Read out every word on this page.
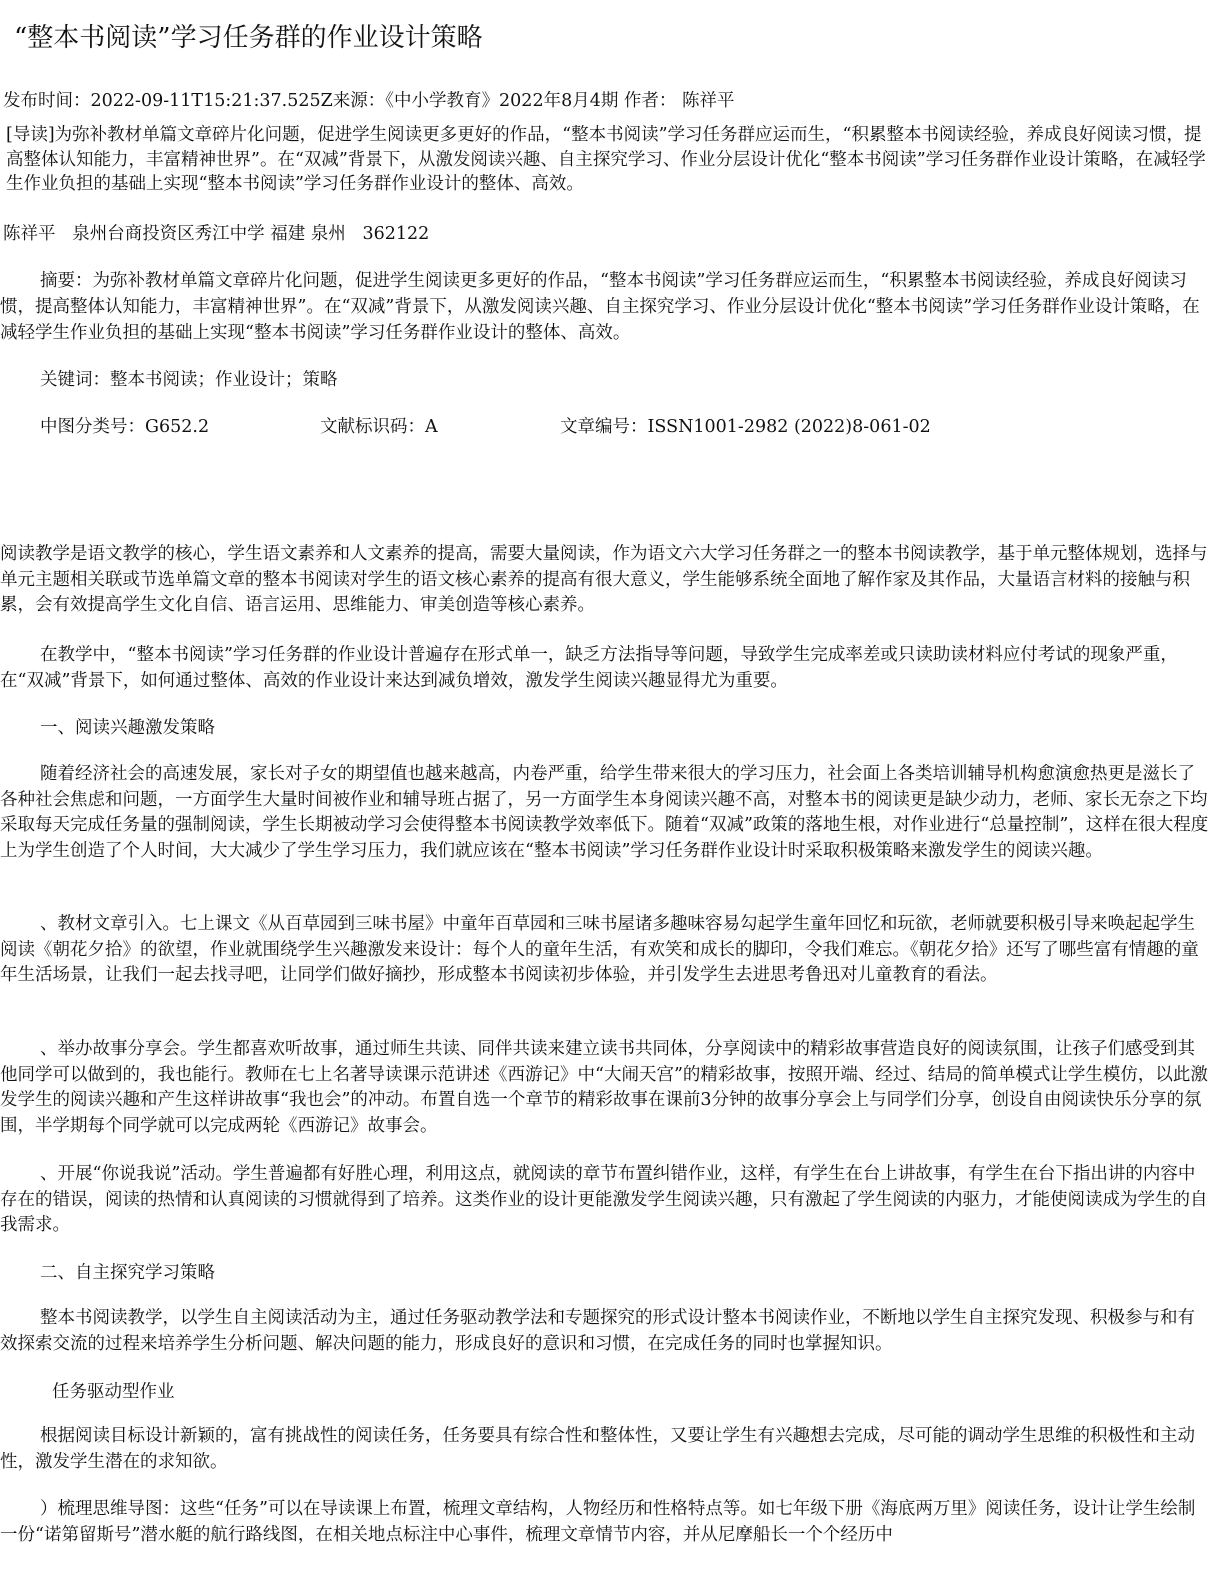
“整本书阅读”学习任务群的作业设计策略
发布时间：2022-09-11T15:21:37.525Z来源：《中小学教育》2022年8月4期 作者： 陈祥平
[导读]为弥补教材单篇文章碎片化问题，促进学生阅读更多更好的作品，“整本书阅读”学习任务群应运而生，“积累整本书阅读经验，养成良好阅读习惯，提高整体认知能力，丰富精神世界”。在“双减”背景下，从激发阅读兴趣、自主探究学习、作业分层设计优化“整本书阅读”学习任务群作业设计策略，在减轻学生作业负担的基础上实现“整本书阅读”学习任务群作业设计的整体、高效。
陈祥平   泉州台商投资区秀江中学 福建 泉州   362122
摘要：为弥补教材单篇文章碎片化问题，促进学生阅读更多更好的作品，“整本书阅读”学习任务群应运而生，“积累整本书阅读经验，养成良好阅读习惯，提高整体认知能力，丰富精神世界”。在“双减”背景下，从激发阅读兴趣、自主探究学习、作业分层设计优化“整本书阅读”学习任务群作业设计策略，在减轻学生作业负担的基础上实现“整本书阅读”学习任务群作业设计的整体、高效。
关键词：整本书阅读；作业设计；策略
中图分类号：G652.2	文献标识码：A	文章编号：ISSN1001-2982 (2022)8-061-02

阅读教学是语文教学的核心，学生语文素养和人文素养的提高，需要大量阅读，作为语文六大学习任务群之一的整本书阅读教学，基于单元整体规划，选择与单元主题相关联或节选单篇文章的整本书阅读对学生的语文核心素养的提高有很大意义，学生能够系统全面地了解作家及其作品，大量语言材料的接触与积累，会有效提高学生文化自信、语言运用、思维能力、审美创造等核心素养。

在教学中，“整本书阅读”学习任务群的作业设计普遍存在形式单一，缺乏方法指导等问题，导致学生完成率差或只读助读材料应付考试的现象严重，在“双减”背景下，如何通过整体、高效的作业设计来达到减负增效，激发学生阅读兴趣显得尤为重要。

一、阅读兴趣激发策略

随着经济社会的高速发展，家长对子女的期望值也越来越高，内卷严重，给学生带来很大的学习压力，社会面上各类培训辅导机构愈演愈热更是滋长了各种社会焦虑和问题，一方面学生大量时间被作业和辅导班占据了，另一方面学生本身阅读兴趣不高，对整本书的阅读更是缺少动力，老师、家长无奈之下均采取每天完成任务量的强制阅读，学生长期被动学习会使得整本书阅读教学效率低下。随着“双减”政策的落地生根，对作业进行“总量控制”，这样在很大程度上为学生创造了个人时间，大大减少了学生学习压力，我们就应该在“整本书阅读”学习任务群作业设计时采取积极策略来激发学生的阅读兴趣。

、教材文章引入。七上课文《从百草园到三味书屋》中童年百草园和三味书屋诸多趣味容易勾起学生童年回忆和玩欲，老师就要积极引导来唤起起学生阅读《朝花夕拾》的欲望，作业就围绕学生兴趣激发来设计：每个人的童年生活，有欢笑和成长的脚印，令我们难忘。《朝花夕拾》还写了哪些富有情趣的童年生活场景，让我们一起去找寻吧，让同学们做好摘抄，形成整本书阅读初步体验，并引发学生去进思考鲁迅对儿童教育的看法。

、举办故事分享会。学生都喜欢听故事，通过师生共读、同伴共读来建立读书共同体，分享阅读中的精彩故事营造良好的阅读氛围，让孩子们感受到其他同学可以做到的，我也能行。教师在七上名著导读课示范讲述《西游记》中“大闹天宫”的精彩故事，按照开端、经过、结局的简单模式让学生模仿，以此激发学生的阅读兴趣和产生这样讲故事“我也会”的冲动。布置自选一个章节的精彩故事在课前3分钟的故事分享会上与同学们分享，创设自由阅读快乐分享的氛围，半学期每个同学就可以完成两轮《西游记》故事会。

、开展“你说我说”活动。学生普遍都有好胜心理，利用这点，就阅读的章节布置纠错作业，这样，有学生在台上讲故事，有学生在台下指出讲的内容中存在的错误，阅读的热情和认真阅读的习惯就得到了培养。这类作业的设计更能激发学生阅读兴趣，只有激起了学生阅读的内驱力，才能使阅读成为学生的自我需求。

二、自主探究学习策略

整本书阅读教学，以学生自主阅读活动为主，通过任务驱动教学法和专题探究的形式设计整本书阅读作业，不断地以学生自主探究发现、积极参与和有效探索交流的过程来培养学生分析问题、解决问题的能力，形成良好的意识和习惯，在完成任务的同时也掌握知识。

任务驱动型作业

根据阅读目标设计新颖的，富有挑战性的阅读任务，任务要具有综合性和整体性，又要让学生有兴趣想去完成，尽可能的调动学生思维的积极性和主动性，激发学生潜在的求知欲。

）梳理思维导图：这些“任务”可以在导读课上布置，梳理文章结构，人物经历和性格特点等。如七年级下册《海底两万里》阅读任务，设计让学生绘制一份“诺第留斯号”潜水艇的航行路线图，在相关地点标注中心事件，梳理文章情节内容，并从尼摩船长一个个经历中
